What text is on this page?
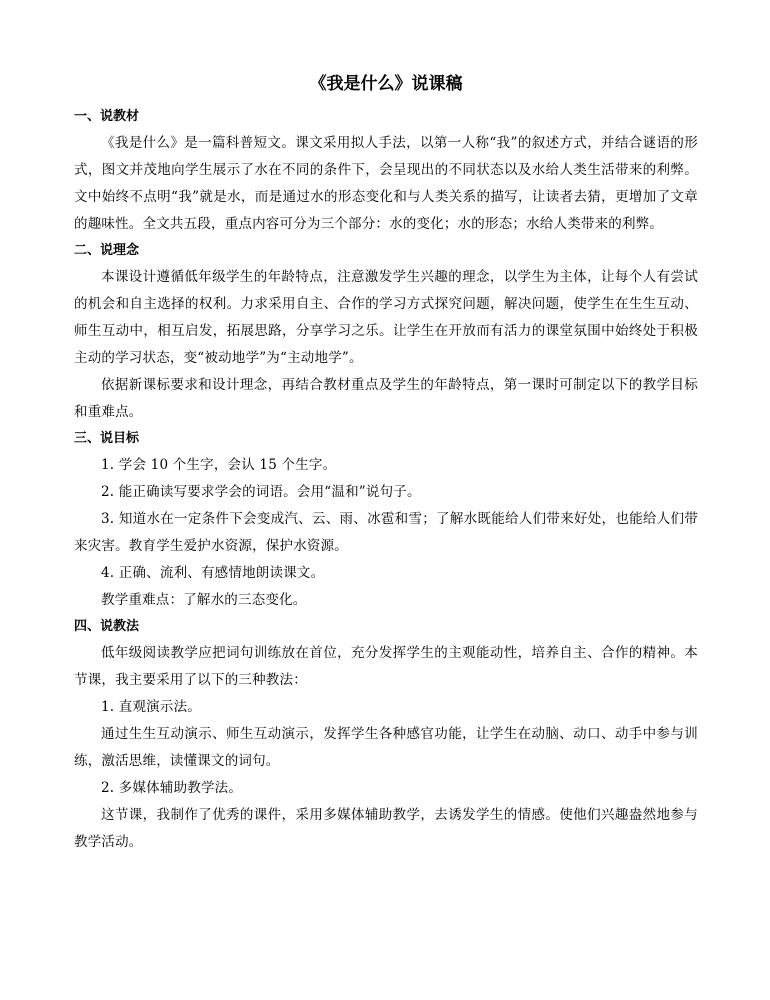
《我是什么》说课稿

一、说教材

《我是什么》是一篇科普短文。课文采用拟人手法，以第一人称“我”的叙述方式，并结合谜语的形式，图文并茂地向学生展示了水在不同的条件下，会呈现出的不同状态以及水给人类生活带来的利弊。文中始终不点明“我”就是水，而是通过水的形态变化和与人类关系的描写，让读者去猜，更增加了文章的趣味性。全文共五段，重点内容可分为三个部分：水的变化；水的形态；水给人类带来的利弊。

二、说理念

本课设计遵循低年级学生的年龄特点，注意激发学生兴趣的理念，以学生为主体，让每个人有尝试的机会和自主选择的权利。力求采用自主、合作的学习方式探究问题，解决问题，使学生在生生互动、师生互动中，相互启发，拓展思路，分享学习之乐。让学生在开放而有活力的课堂氛围中始终处于积极主动的学习状态，变“被动地学”为“主动地学”。

依据新课标要求和设计理念，再结合教材重点及学生的年龄特点，第一课时可制定以下的教学目标和重难点。

三、说目标

1. 学会 10 个生字，会认 15 个生字。

2. 能正确读写要求学会的词语。会用“温和”说句子。

3. 知道水在一定条件下会变成汽、云、雨、冰雹和雪；了解水既能给人们带来好处，也能给人们带来灾害。教育学生爱护水资源，保护水资源。

4. 正确、流利、有感情地朗读课文。

教学重难点：了解水的三态变化。

四、说教法

低年级阅读教学应把词句训练放在首位，充分发挥学生的主观能动性，培养自主、合作的精神。本节课，我主要采用了以下的三种教法：

1. 直观演示法。

通过生生互动演示、师生互动演示，发挥学生各种感官功能，让学生在动脑、动口、动手中参与训练，激活思维，读懂课文的词句。

2. 多媒体辅助教学法。

这节课，我制作了优秀的课件，采用多媒体辅助教学，去诱发学生的情感。使他们兴趣盎然地参与教学活动。
